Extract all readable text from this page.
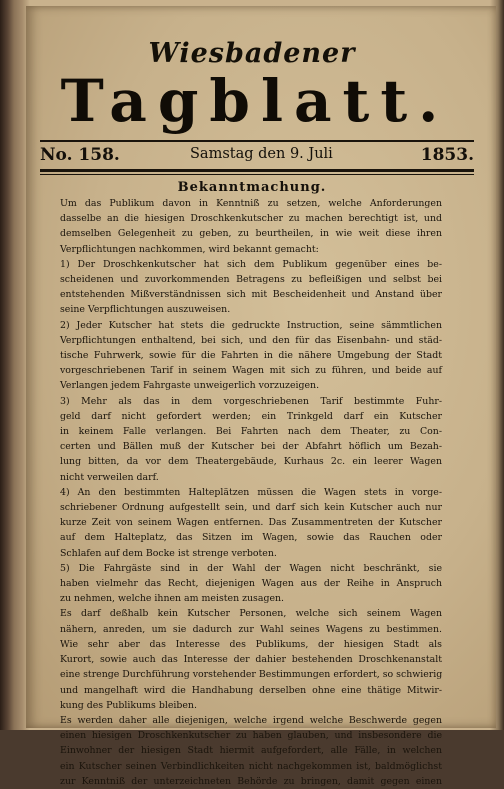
Wiesbadener
Tagblatt.
No. 158.	Samstag den 9. Juli	1853.
Bekanntmachung.
Um das Publikum davon in Kenntniß zu setzen, welche Anforderungen
dasselbe an die hiesigen Droschkenkutscher zu machen berechtigt ist, und
demselben Gelegenheit zu geben, zu beurtheilen, in wie weit diese ihren
Verpflichtungen nachkommen, wird bekannt gemacht:
1) Der Droschkenkutscher hat sich dem Publikum gegenüber eines be-
scheidenen und zuvorkommenden Betragens zu befleißigen und selbst bei
entstehenden Mißverständnissen sich mit Bescheidenheit und Anstand über
seine Verpflichtungen auszuweisen.
2) Jeder Kutscher hat stets die gedruckte Instruction, seine sämmtlichen
Verpflichtungen enthaltend, bei sich, und den für das Eisenbahn- und städ-
tische Fuhrwerk, sowie für die Fahrten in die nähere Umgebung der Stadt
vorgeschriebenen Tarif in seinem Wagen mit sich zu führen, und beide auf
Verlangen jedem Fahrgaste unweigerlich vorzuzeigen.
3) Mehr als das in dem vorgeschriebenen Tarif bestimmte Fuhr-
geld darf nicht gefordert werden; ein Trinkgeld darf ein Kutscher
in keinem Falle verlangen. Bei Fahrten nach dem Theater, zu Con-
certen und Bällen muß der Kutscher bei der Abfahrt höflich um Bezah-
lung bitten, da vor dem Theatergebäude, Kurhaus 2c. ein leerer Wagen
nicht verweilen darf.
4) An den bestimmten Halteplätzen müssen die Wagen stets in vorge-
schriebener Ordnung aufgestellt sein, und darf sich kein Kutscher auch nur
kurze Zeit von seinem Wagen entfernen. Das Zusammentreten der Kutscher
auf dem Halteplatz, das Sitzen im Wagen, sowie das Rauchen oder
Schlafen auf dem Bocke ist strenge verboten.
5) Die Fahrgäste sind in der Wahl der Wagen nicht beschränkt, sie
haben vielmehr das Recht, diejenigen Wagen aus der Reihe in Anspruch
zu nehmen, welche ihnen am meisten zusagen.
Es darf deßhalb kein Kutscher Personen, welche sich seinem Wagen
nähern, anreden, um sie dadurch zur Wahl seines Wagens zu bestimmen.
Wie sehr aber das Interesse des Publikums, der hiesigen Stadt als
Kurort, sowie auch das Interesse der dahier bestehenden Droschkenanstalt
eine strenge Durchführung vorstehender Bestimmungen erfordert, so schwierig
und mangelhaft wird die Handhabung derselben ohne eine thätige Mitwir-
kung des Publikums bleiben.
Es werden daher alle diejenigen, welche irgend welche Beschwerde gegen
einen hiesigen Droschkenkutscher zu haben glauben, und insbesondere die
Einwohner der hiesigen Stadt hiermit aufgefordert, alle Fälle, in welchen
ein Kutscher seinen Verbindlichkeiten nicht nachgekommen ist, baldmöglichst
zur Kenntniß der unterzeichneten Behörde zu bringen, damit gegen einen
